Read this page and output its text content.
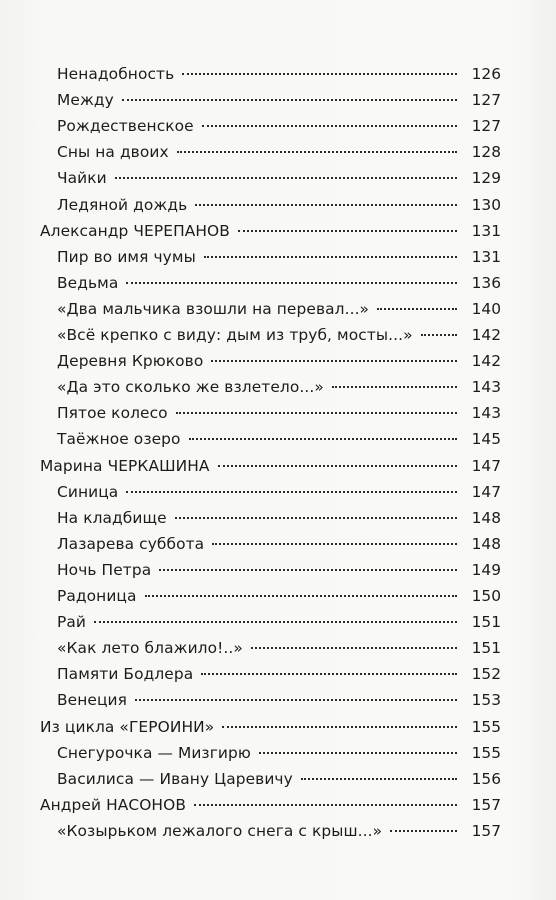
Ненадобность	126
Между	127
Рождественское	127
Сны на двоих	128
Чайки	129
Ледяной дождь	130
Александр ЧЕРЕПАНОВ	131
Пир во имя чумы	131
Ведьма	136
«Два мальчика взошли на перевал...»	140
«Всё крепко с виду: дым из труб, мосты...»	142
Деревня Крюково	142
«Да это сколько же взлетело...»	143
Пятое колесо	143
Таёжное озеро	145
Марина ЧЕРКАШИНА	147
Синица	147
На кладбище	148
Лазарева суббота	148
Ночь Петра	149
Радоница	150
Рай	151
«Как лето блажило!..»	151
Памяти Бодлера	152
Венеция	153
Из цикла «ГЕРОИНИ»	155
Снегурочка — Мизгирю	155
Василиса — Ивану Царевичу	156
Андрей НАСОНОВ	157
«Козырьком лежалого снега с крыш...»	157
